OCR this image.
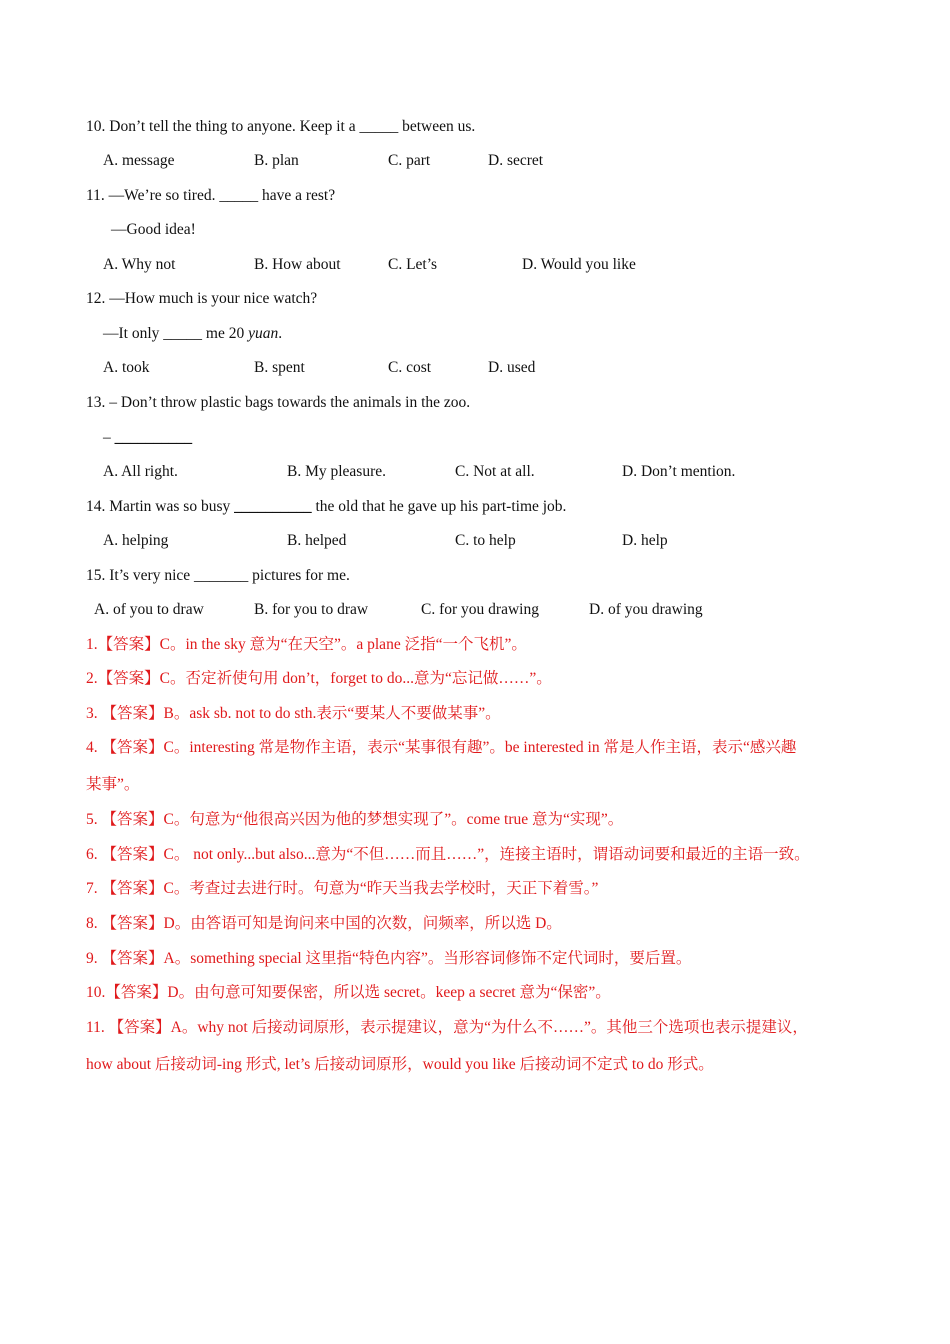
10. Don’t tell the thing to anyone. Keep it a _____ between us.
A. message	B. plan	C. part	D. secret
11. —We’re so tired. _____ have a rest?
—Good idea!
A. Why not	B. How about	C. Let’s	D. Would you like
12. —How much is your nice watch?
—It only _____ me 20 yuan.
A. took	B. spent	C. cost	D. used
13. – Don’t throw plastic bags towards the animals in the zoo.
– __________
A. All right.	B. My pleasure.	C. Not at all.	D. Don’t mention.
14. Martin was so busy __________ the old that he gave up his part-time job.
A. helping	B. helped	C. to help	D. help
15. It’s very nice _______ pictures for me.
A. of you to draw	B. for you to draw	C. for you drawing	D. of you drawing
1.【答案】C。in the sky 意为“在天空”。a plane 泛指“一个飞机”。
2.【答案】C。否定祈使句用 don’t，forget to do...意为“忘记做……”。
3. 【答案】B。ask sb. not to do sth.表示“要某人不要做某事”。
4. 【答案】C。interesting 常是物作主语，表示“某事很有趣”。be interested in 常是人作主语，表示“感兴趣
某事”。
5. 【答案】C。句意为“他很高兴因为他的梦想实现了”。come true 意为“实现”。
6. 【答案】C。 not only...but also...意为“不但……而且……”，连接主语时，谓语动词要和最近的主语一致。
7. 【答案】C。考查过去进行时。句意为“昨天当我去学校时，天正下着雪。”
8. 【答案】D。由答语可知是询问来中国的次数，问频率，所以选 D。
9. 【答案】A。something special 这里指“特色内容”。当形容词修饰不定代词时，要后置。
10.【答案】D。由句意可知要保密，所以选 secret。keep a secret 意为“保密”。
11. 【答案】A。why not 后接动词原形，表示提建议，意为“为什么不……”。其他三个选项也表示提建议，
how about 后接动词-ing 形式, let’s 后接动词原形，would you like 后接动词不定式 to do 形式。
